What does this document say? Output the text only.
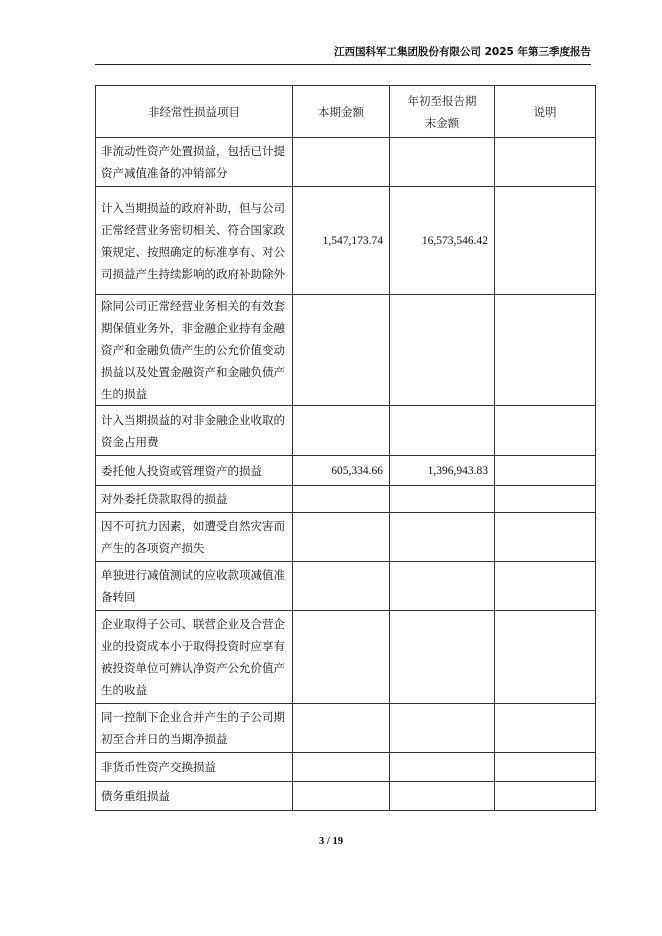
江西国科军工集团股份有限公司 2025 年第三季度报告
非经常性损益项目	本期金额	年初至报告期末金额	说明
非流动性资产处置损益，包括已计提资产减值准备的冲销部分			
计入当期损益的政府补助，但与公司正常经营业务密切相关、符合国家政策规定、按照确定的标准享有、对公司损益产生持续影响的政府补助除外	1,547,173.74	16,573,546.42	
除同公司正常经营业务相关的有效套期保值业务外，非金融企业持有金融资产和金融负债产生的公允价值变动损益以及处置金融资产和金融负债产生的损益			
计入当期损益的对非金融企业收取的资金占用费			
委托他人投资或管理资产的损益	605,334.66	1,396,943.83	
对外委托贷款取得的损益			
因不可抗力因素，如遭受自然灾害而产生的各项资产损失			
单独进行减值测试的应收款项减值准备转回			
企业取得子公司、联营企业及合营企业的投资成本小于取得投资时应享有被投资单位可辨认净资产公允价值产生的收益			
同一控制下企业合并产生的子公司期初至合并日的当期净损益			
非货币性资产交换损益			
债务重组损益			
3 / 19
